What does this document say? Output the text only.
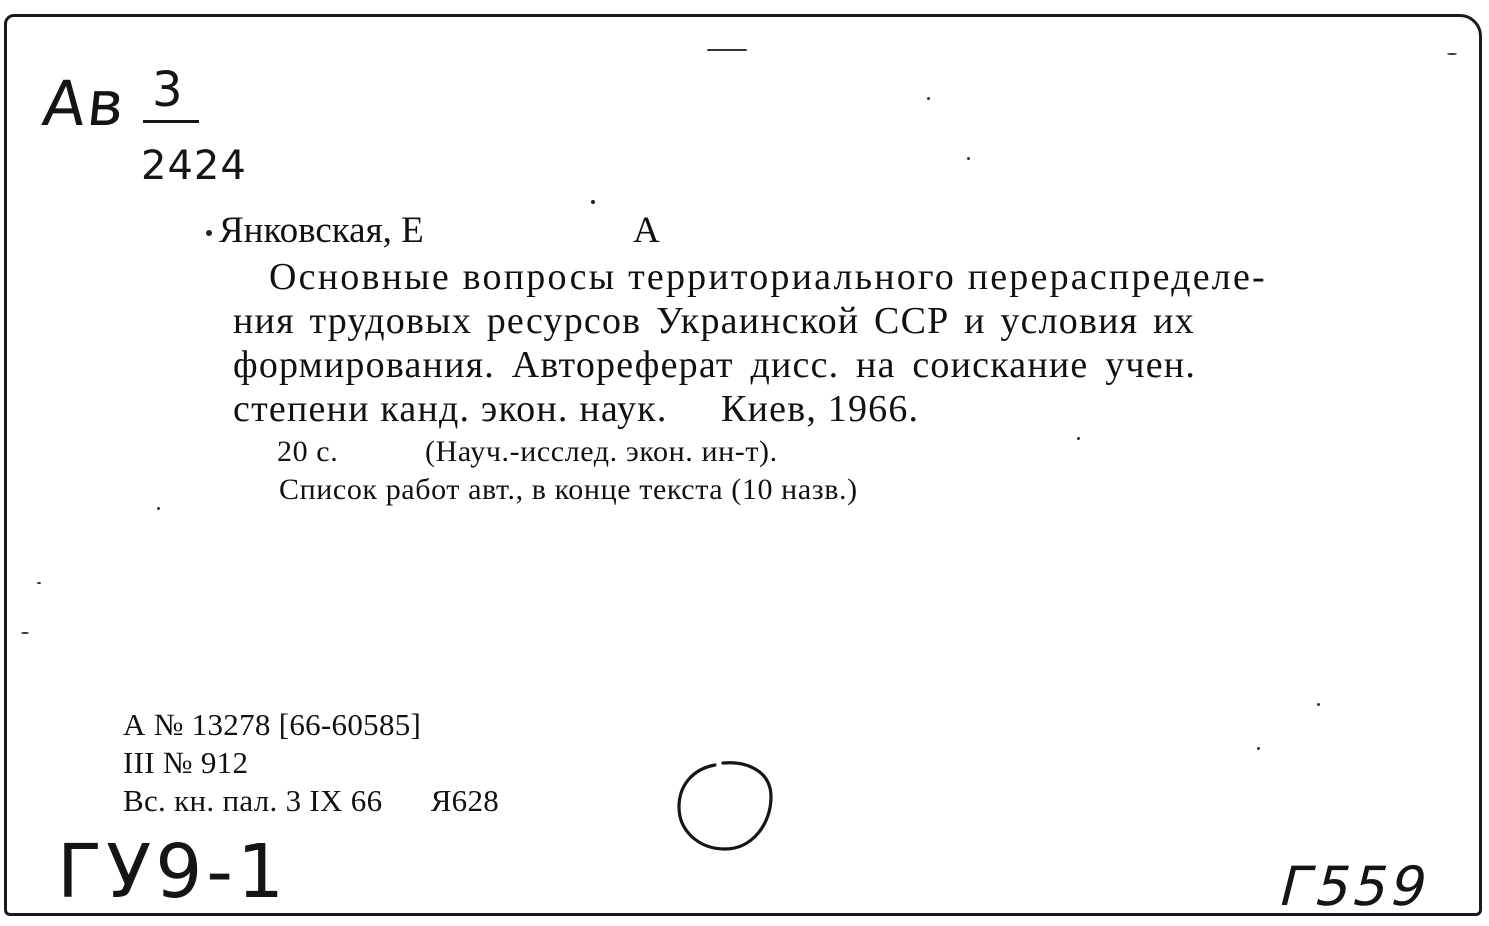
Ав 3
2424
Янковская, Е	А
Основные вопросы территориального перераспределе-
ния трудовых ресурсов Украинской ССР и условия их
формирования. Автореферат дисс. на соискание учен.
степени канд. экон. наук.     Киев, 1966.
20 с.	(Науч.-исслед. экон. ин-т).
Список работ авт., в конце текста (10 назв.)
А № 13278 [66-60585]
III № 912
Вс. кн. пал. 3 IX 66      Я628
ГУ9-1	Г559
